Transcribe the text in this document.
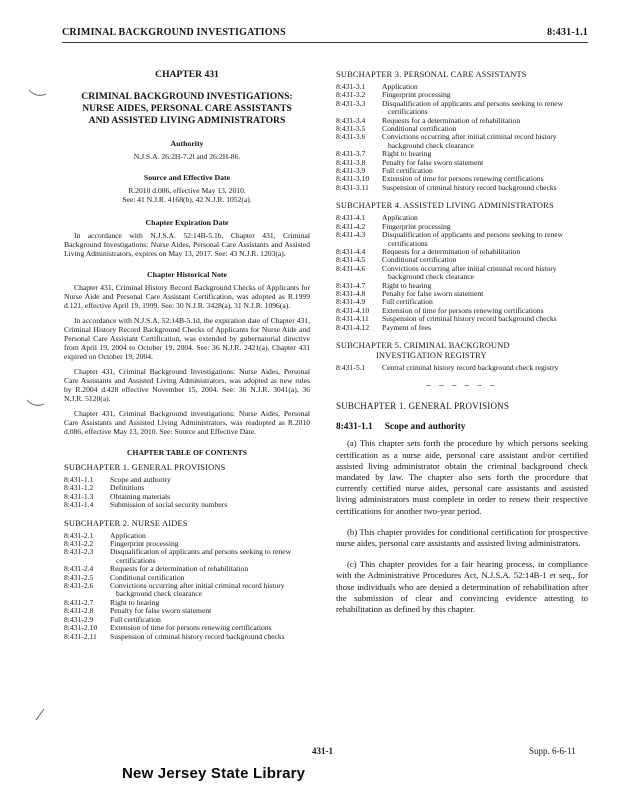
CRIMINAL BACKGROUND INVESTIGATIONS	8:431-1.1
CHAPTER 431
CRIMINAL BACKGROUND INVESTIGATIONS:
NURSE AIDES, PERSONAL CARE ASSISTANTS
AND ASSISTED LIVING ADMINISTRATORS
Authority
N.J.S.A. 26:2H-7.2l and 26:2H-86.
Source and Effective Date
R.2010 d.086, effective May 13, 2010.
See: 41 N.J.R. 4168(b), 42 N.J.R. 1052(a).
Chapter Expiration Date
In accordance with N.J.S.A. 52:14B-5.1b, Chapter 431, Criminal Background Investigations: Nurse Aides, Personal Care Assistants and Assisted Living Administrators, expires on May 13, 2017. See: 43 N.J.R. 1203(a).
Chapter Historical Note
Chapter 431, Criminal History Record Background Checks of Applicants for Nurse Aide and Personal Care Assistant Certification, was adopted as R.1999 d.121, effective April 19, 1999. See: 30 N.J.R. 3428(a), 31 N.J.R. 1096(a).
In accordance with N.J.S.A. 52:14B-5.1d, the expiration date of Chapter 431, Criminal History Record Background Checks of Applicants for Nurse Aide and Personal Care Assistant Certification, was extended by gubernatorial directive from April 19, 2004 to October 19, 2004. See: 36 N.J.R. 2421(a). Chapter 431 expired on October 19, 2004.
Chapter 431, Criminal Background Investigations: Nurse Aides, Personal Care Assistants and Assisted Living Administrators, was adopted as new rules by R.2004 d.428 effective November 15, 2004. See: 36 N.J.R. 3041(a), 36 N.J.R. 5120(a).
Chapter 431, Criminal Background investigations: Nurse Aides, Personal Care Assistants and Assisted Living Administrators, was readopted as R.2010 d.086, effective May 13, 2010. See: Source and Effective Date.
CHAPTER TABLE OF CONTENTS
SUBCHAPTER 1. GENERAL PROVISIONS
8:431-1.1	Scope and authority
8:431-1.2	Definitions
8:431-1.3	Obtaining materials
8:431-1.4	Submission of social security numbers
SUBCHAPTER 2. NURSE AIDES
8:431-2.1	Application
8:431-2.2	Fingerprint processing
8:431-2.3	Disqualification of applicants and persons seeking to renew certifications
8:431-2.4	Requests for a determination of rehabilitation
8:431-2.5	Conditional certification
8:431-2.6	Convictions occurring after initial criminal record history background check clearance
8:431-2.7	Right to hearing
8:431-2.8	Penalty for false sworn statement
8:431-2.9	Full certification
8:431-2.10	Extension of time for persons renewing certifications
8:431-2.11	Suspension of criminal history record background checks
SUBCHAPTER 3. PERSONAL CARE ASSISTANTS
8:431-3.1	Application
8:431-3.2	Fingerprint processing
8:431-3.3	Disqualification of applicants and persons seeking to renew certifications
8:431-3.4	Requests for a determination of rehabilitation
8:431-3.5	Conditional certification
8:431-3.6	Convictions occurring after initial criminal record history background check clearance
8:431-3.7	Right to hearing
8:431-3.8	Penalty for false sworn statement
8:431-3.9	Full certification
8:431-3.10	Extension of time for persons renewing certifications
8:431-3.11	Suspension of criminal history record background checks
SUBCHAPTER 4. ASSISTED LIVING ADMINISTRATORS
8:431-4.1	Application
8:431-4.2	Fingerprint processing
8:431-4.3	Disqualification of applicants and persons seeking to renew certifications
8:431-4.4	Requests for a determination of rehabilitation
8:431-4.5	Conditional certification
8:431-4.6	Convictions occurring after initial criminal record history background check clearance
8:431-4.7	Right to hearing
8:431-4.8	Penalty for false sworn statement
8:431-4.9	Full certification
8:431-4.10	Extension of time for persons renewing certifications
8:431-4.11	Suspension of criminal history record background checks
8:431-4.12	Payment of fees
SUBCHAPTER 5. CRIMINAL BACKGROUND
INVESTIGATION REGISTRY
8:431-5.1	Central criminal history record background check registry
– – – – – –
SUBCHAPTER 1. GENERAL PROVISIONS
8:431-1.1 Scope and authority
(a) This chapter sets forth the procedure by which persons seeking certification as a nurse aide, personal care assistant and/or certified assisted living administrator obtain the criminal background check mandated by law. The chapter also sets forth the procedure that currently certified nurse aides, personal care assistants and assisted living administrators must complete in order to renew their respective certifications for another two-year period.
(b) This chapter provides for conditional certification for prospective nurse aides, personal care assistants and assisted living administrators.
(c) This chapter provides for a fair hearing process, in compliance with the Administrative Procedures Act, N.J.S.A. 52:14B-1 et seq., for those individuals who are denied a determination of rehabilitation after the submission of clear and convincing evidence attesting to rehabilitation as defined by this chapter.
431-1	Supp. 6-6-11
New Jersey State Library
